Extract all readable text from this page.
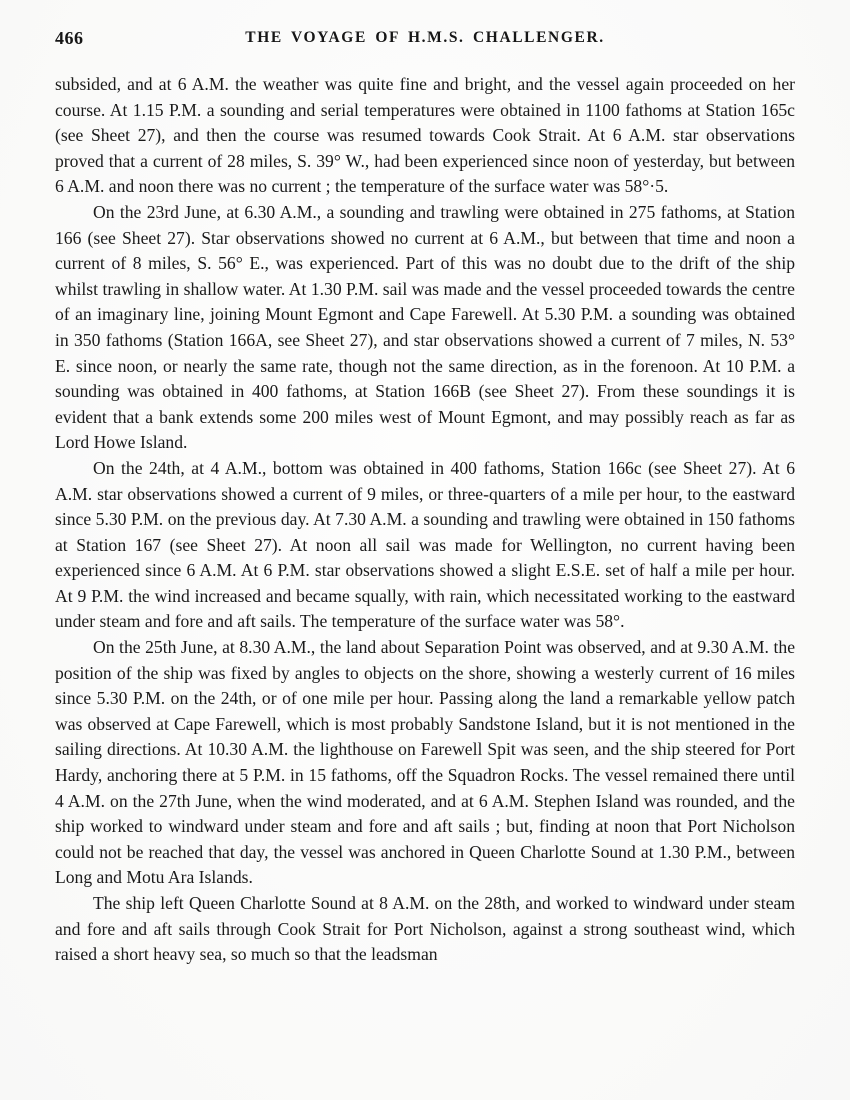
466	THE VOYAGE OF H.M.S. CHALLENGER.

subsided, and at 6 A.M. the weather was quite fine and bright, and the vessel again proceeded on her course. At 1.15 P.M. a sounding and serial temperatures were obtained in 1100 fathoms at Station 165c (see Sheet 27), and then the course was resumed towards Cook Strait. At 6 A.M. star observations proved that a current of 28 miles, S. 39° W., had been experienced since noon of yesterday, but between 6 A.M. and noon there was no current ; the temperature of the surface water was 58°·5.

On the 23rd June, at 6.30 A.M., a sounding and trawling were obtained in 275 fathoms, at Station 166 (see Sheet 27). Star observations showed no current at 6 A.M., but between that time and noon a current of 8 miles, S. 56° E., was experienced. Part of this was no doubt due to the drift of the ship whilst trawling in shallow water. At 1.30 P.M. sail was made and the vessel proceeded towards the centre of an imaginary line, joining Mount Egmont and Cape Farewell. At 5.30 P.M. a sounding was obtained in 350 fathoms (Station 166A, see Sheet 27), and star observations showed a current of 7 miles, N. 53° E. since noon, or nearly the same rate, though not the same direction, as in the forenoon. At 10 P.M. a sounding was obtained in 400 fathoms, at Station 166B (see Sheet 27). From these soundings it is evident that a bank extends some 200 miles west of Mount Egmont, and may possibly reach as far as Lord Howe Island.

On the 24th, at 4 A.M., bottom was obtained in 400 fathoms, Station 166c (see Sheet 27). At 6 A.M. star observations showed a current of 9 miles, or three-quarters of a mile per hour, to the eastward since 5.30 P.M. on the previous day. At 7.30 A.M. a sounding and trawling were obtained in 150 fathoms at Station 167 (see Sheet 27). At noon all sail was made for Wellington, no current having been experienced since 6 A.M. At 6 P.M. star observations showed a slight E.S.E. set of half a mile per hour. At 9 P.M. the wind increased and became squally, with rain, which necessitated working to the eastward under steam and fore and aft sails. The temperature of the surface water was 58°.

On the 25th June, at 8.30 A.M., the land about Separation Point was observed, and at 9.30 A.M. the position of the ship was fixed by angles to objects on the shore, showing a westerly current of 16 miles since 5.30 P.M. on the 24th, or of one mile per hour. Passing along the land a remarkable yellow patch was observed at Cape Farewell, which is most probably Sandstone Island, but it is not mentioned in the sailing directions. At 10.30 A.M. the lighthouse on Farewell Spit was seen, and the ship steered for Port Hardy, anchoring there at 5 P.M. in 15 fathoms, off the Squadron Rocks. The vessel remained there until 4 A.M. on the 27th June, when the wind moderated, and at 6 A.M. Stephen Island was rounded, and the ship worked to windward under steam and fore and aft sails ; but, finding at noon that Port Nicholson could not be reached that day, the vessel was anchored in Queen Charlotte Sound at 1.30 P.M., between Long and Motu Ara Islands.

The ship left Queen Charlotte Sound at 8 A.M. on the 28th, and worked to windward under steam and fore and aft sails through Cook Strait for Port Nicholson, against a strong southeast wind, which raised a short heavy sea, so much so that the leadsman
